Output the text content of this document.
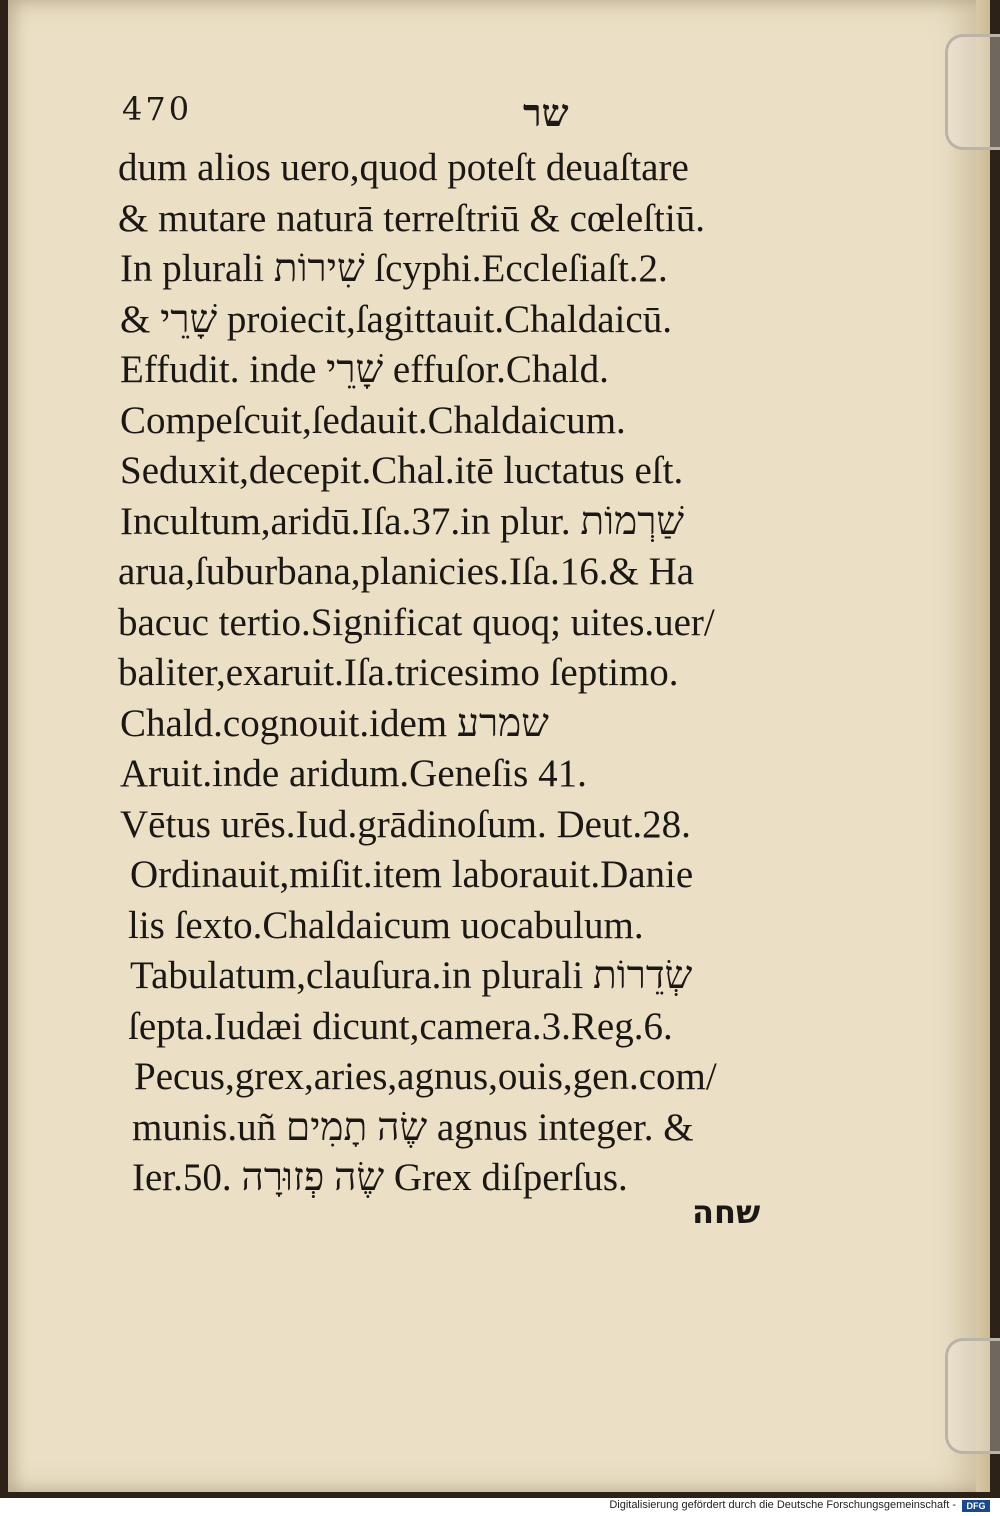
470	שר
dum alios uero,quod poteſt deuaſtare
& mutare naturā terreſtriū & cœleſtiū.
In plurali שִׁירוֹת ſcyphi.Eccleſiaſt.2.
& שָׁרֵי proiecit,ſagittauit.Chaldaicū.
Effudit. inde שָׁרֵי effuſor.Chald.
Compeſcuit,ſedauit.Chaldaicum.
Seduxit,decepit.Chal.itē luctatus eſt.
Incultum,aridū.Iſa.37.in plur. שַׁרְמוֹת
arua,ſuburbana,planicies.Iſa.16.& Ha
bacuc tertio.Significat quoq; uites.uer/
baliter,exaruit.Iſa.tricesimo ſeptimo.
Chald.cognouit.idem שמרע
Aruit.inde aridum.Geneſis 41.
Vētus urēs.Iud.grādinoſum. Deut.28.
Ordinauit,miſit.item laborauit.Danie
lis ſexto.Chaldaicum uocabulum.
Tabulatum,clauſura.in plurali שְׂדֵרוֹת
ſepta.Iudæi dicunt,camera.3.Reg.6.
Pecus,grex,aries,agnus,ouis,gen.com/
munis.uñ שֶׂה תָמִים agnus integer. &
Ier.50. שֶׂה פְזוּרָה Grex diſperſus.
שחה
Digitalisierung gefördert durch die Deutsche Forschungsgemeinschaft -	DFG
